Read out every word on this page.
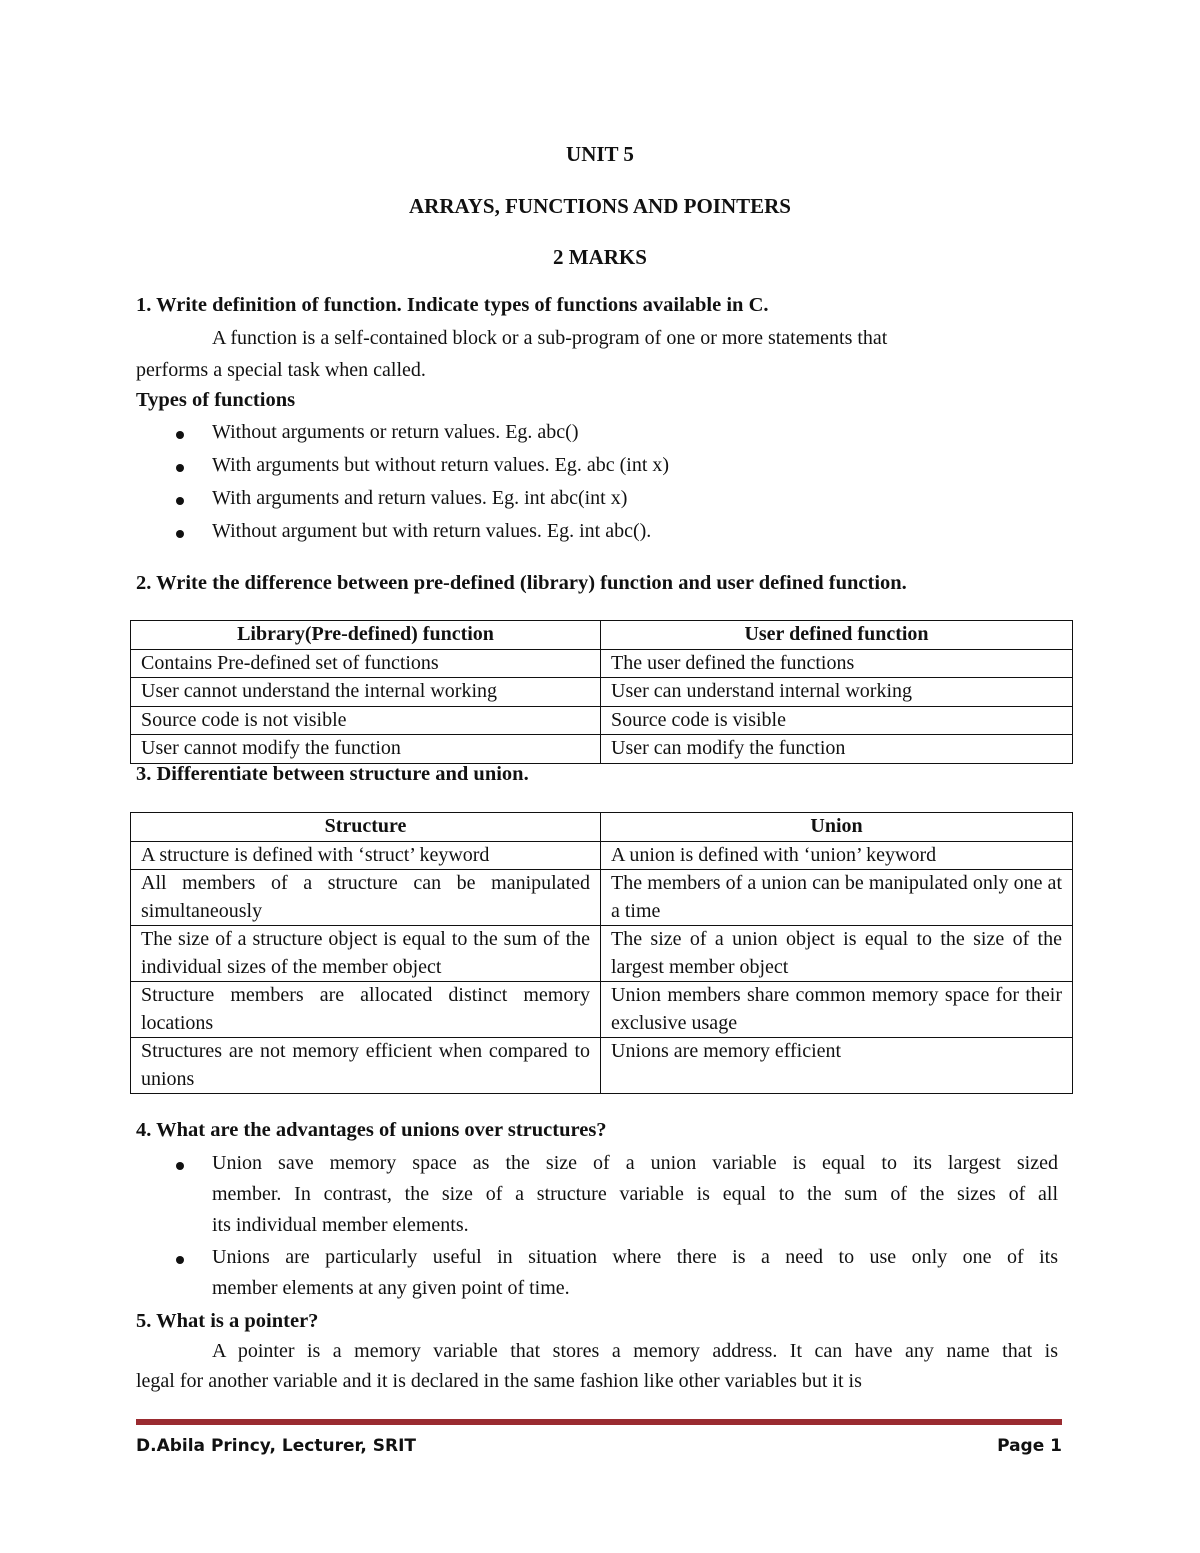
UNIT 5
ARRAYS, FUNCTIONS AND POINTERS
2 MARKS
1. Write definition of function. Indicate types of functions available in C.
A function is a self-contained block or a sub-program of one or more statements that
performs a special task when called.
Types of functions
Without arguments or return values. Eg. abc()
With arguments but without return values. Eg. abc (int x)
With arguments and return values. Eg. int abc(int x)
Without argument but with return values. Eg. int abc().
2. Write the difference between pre-defined (library) function and user defined function.
Library(Pre-defined) function	User defined function
Contains Pre-defined set of functions	The user defined the functions
User cannot understand the internal working	User can understand internal working
Source code is not visible	Source code is visible
User cannot modify the function	User can modify the function
3. Differentiate between structure and union.
Structure	Union
A structure is defined with ‘struct’ keyword	A union is defined with ‘union’ keyword
All members of a structure can be manipulated simultaneously	The members of a union can be manipulated only one at a time
The size of a structure object is equal to the sum of the individual sizes of the member object	The size of a union object is equal to the size of the largest member object
Structure members are allocated distinct memory locations	Union members share common memory space for their exclusive usage
Structures are not memory efficient when compared to unions	Unions are memory efficient
4. What are the advantages of unions over structures?
Union save memory space as the size of a union variable is equal to its largest sized
member. In contrast, the size of a structure variable is equal to the sum of the sizes of all
its individual member elements.
Unions are particularly useful in situation where there is a need to use only one of its
member elements at any given point of time.
5. What is a pointer?
A pointer is a memory variable that stores a memory address. It can have any name that is
legal for another variable and it is declared in the same fashion like other variables but it is
D.Abila Princy, Lecturer, SRIT	Page 1
